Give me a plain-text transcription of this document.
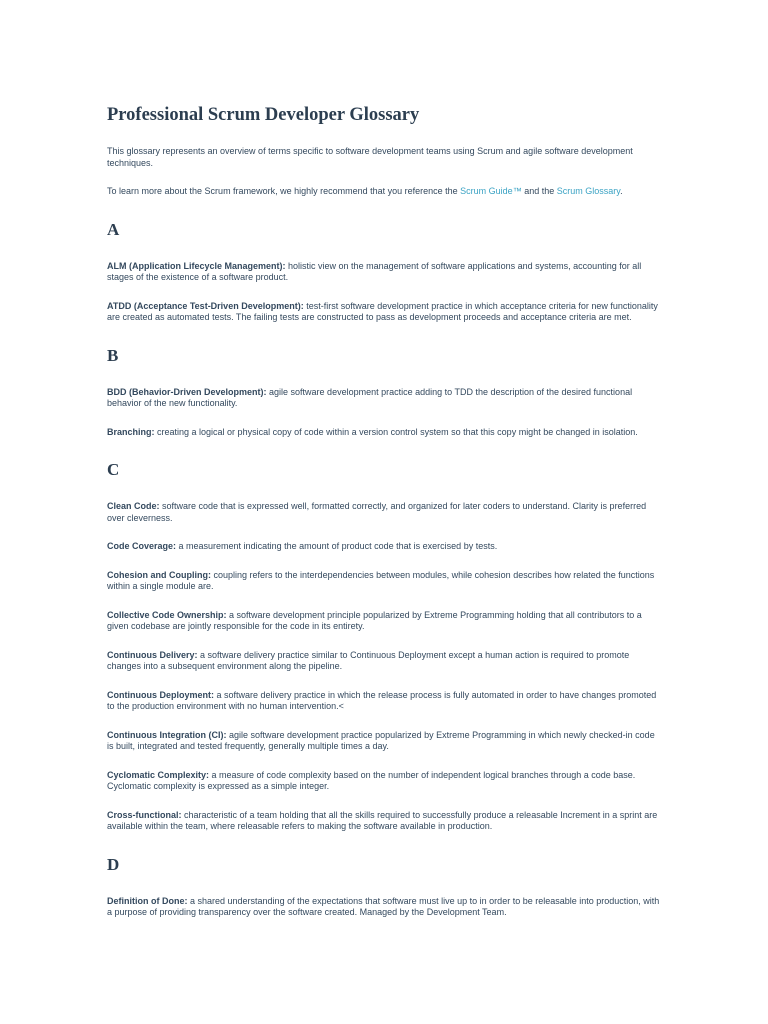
Professional Scrum Developer Glossary

This glossary represents an overview of terms specific to software development teams using Scrum and agile software development techniques.

To learn more about the Scrum framework, we highly recommend that you reference the Scrum Guide™ and the Scrum Glossary.

A

ALM (Application Lifecycle Management): holistic view on the management of software applications and systems, accounting for all stages of the existence of a software product.

ATDD (Acceptance Test-Driven Development): test-first software development practice in which acceptance criteria for new functionality are created as automated tests. The failing tests are constructed to pass as development proceeds and acceptance criteria are met.

B

BDD (Behavior-Driven Development): agile software development practice adding to TDD the description of the desired functional behavior of the new functionality.

Branching: creating a logical or physical copy of code within a version control system so that this copy might be changed in isolation.

C

Clean Code: software code that is expressed well, formatted correctly, and organized for later coders to understand. Clarity is preferred over cleverness.

Code Coverage: a measurement indicating the amount of product code that is exercised by tests.

Cohesion and Coupling: coupling refers to the interdependencies between modules, while cohesion describes how related the functions within a single module are.

Collective Code Ownership: a software development principle popularized by Extreme Programming holding that all contributors to a given codebase are jointly responsible for the code in its entirety.

Continuous Delivery: a software delivery practice similar to Continuous Deployment except a human action is required to promote changes into a subsequent environment along the pipeline.

Continuous Deployment: a software delivery practice in which the release process is fully automated in order to have changes promoted to the production environment with no human intervention.<

Continuous Integration (CI): agile software development practice popularized by Extreme Programming in which newly checked-in code is built, integrated and tested frequently, generally multiple times a day.

Cyclomatic Complexity: a measure of code complexity based on the number of independent logical branches through a code base. Cyclomatic complexity is expressed as a simple integer.

Cross-functional: characteristic of a team holding that all the skills required to successfully produce a releasable Increment in a sprint are available within the team, where releasable refers to making the software available in production.

D

Definition of Done: a shared understanding of the expectations that software must live up to in order to be releasable into production, with a purpose of providing transparency over the software created. Managed by the Development Team.
